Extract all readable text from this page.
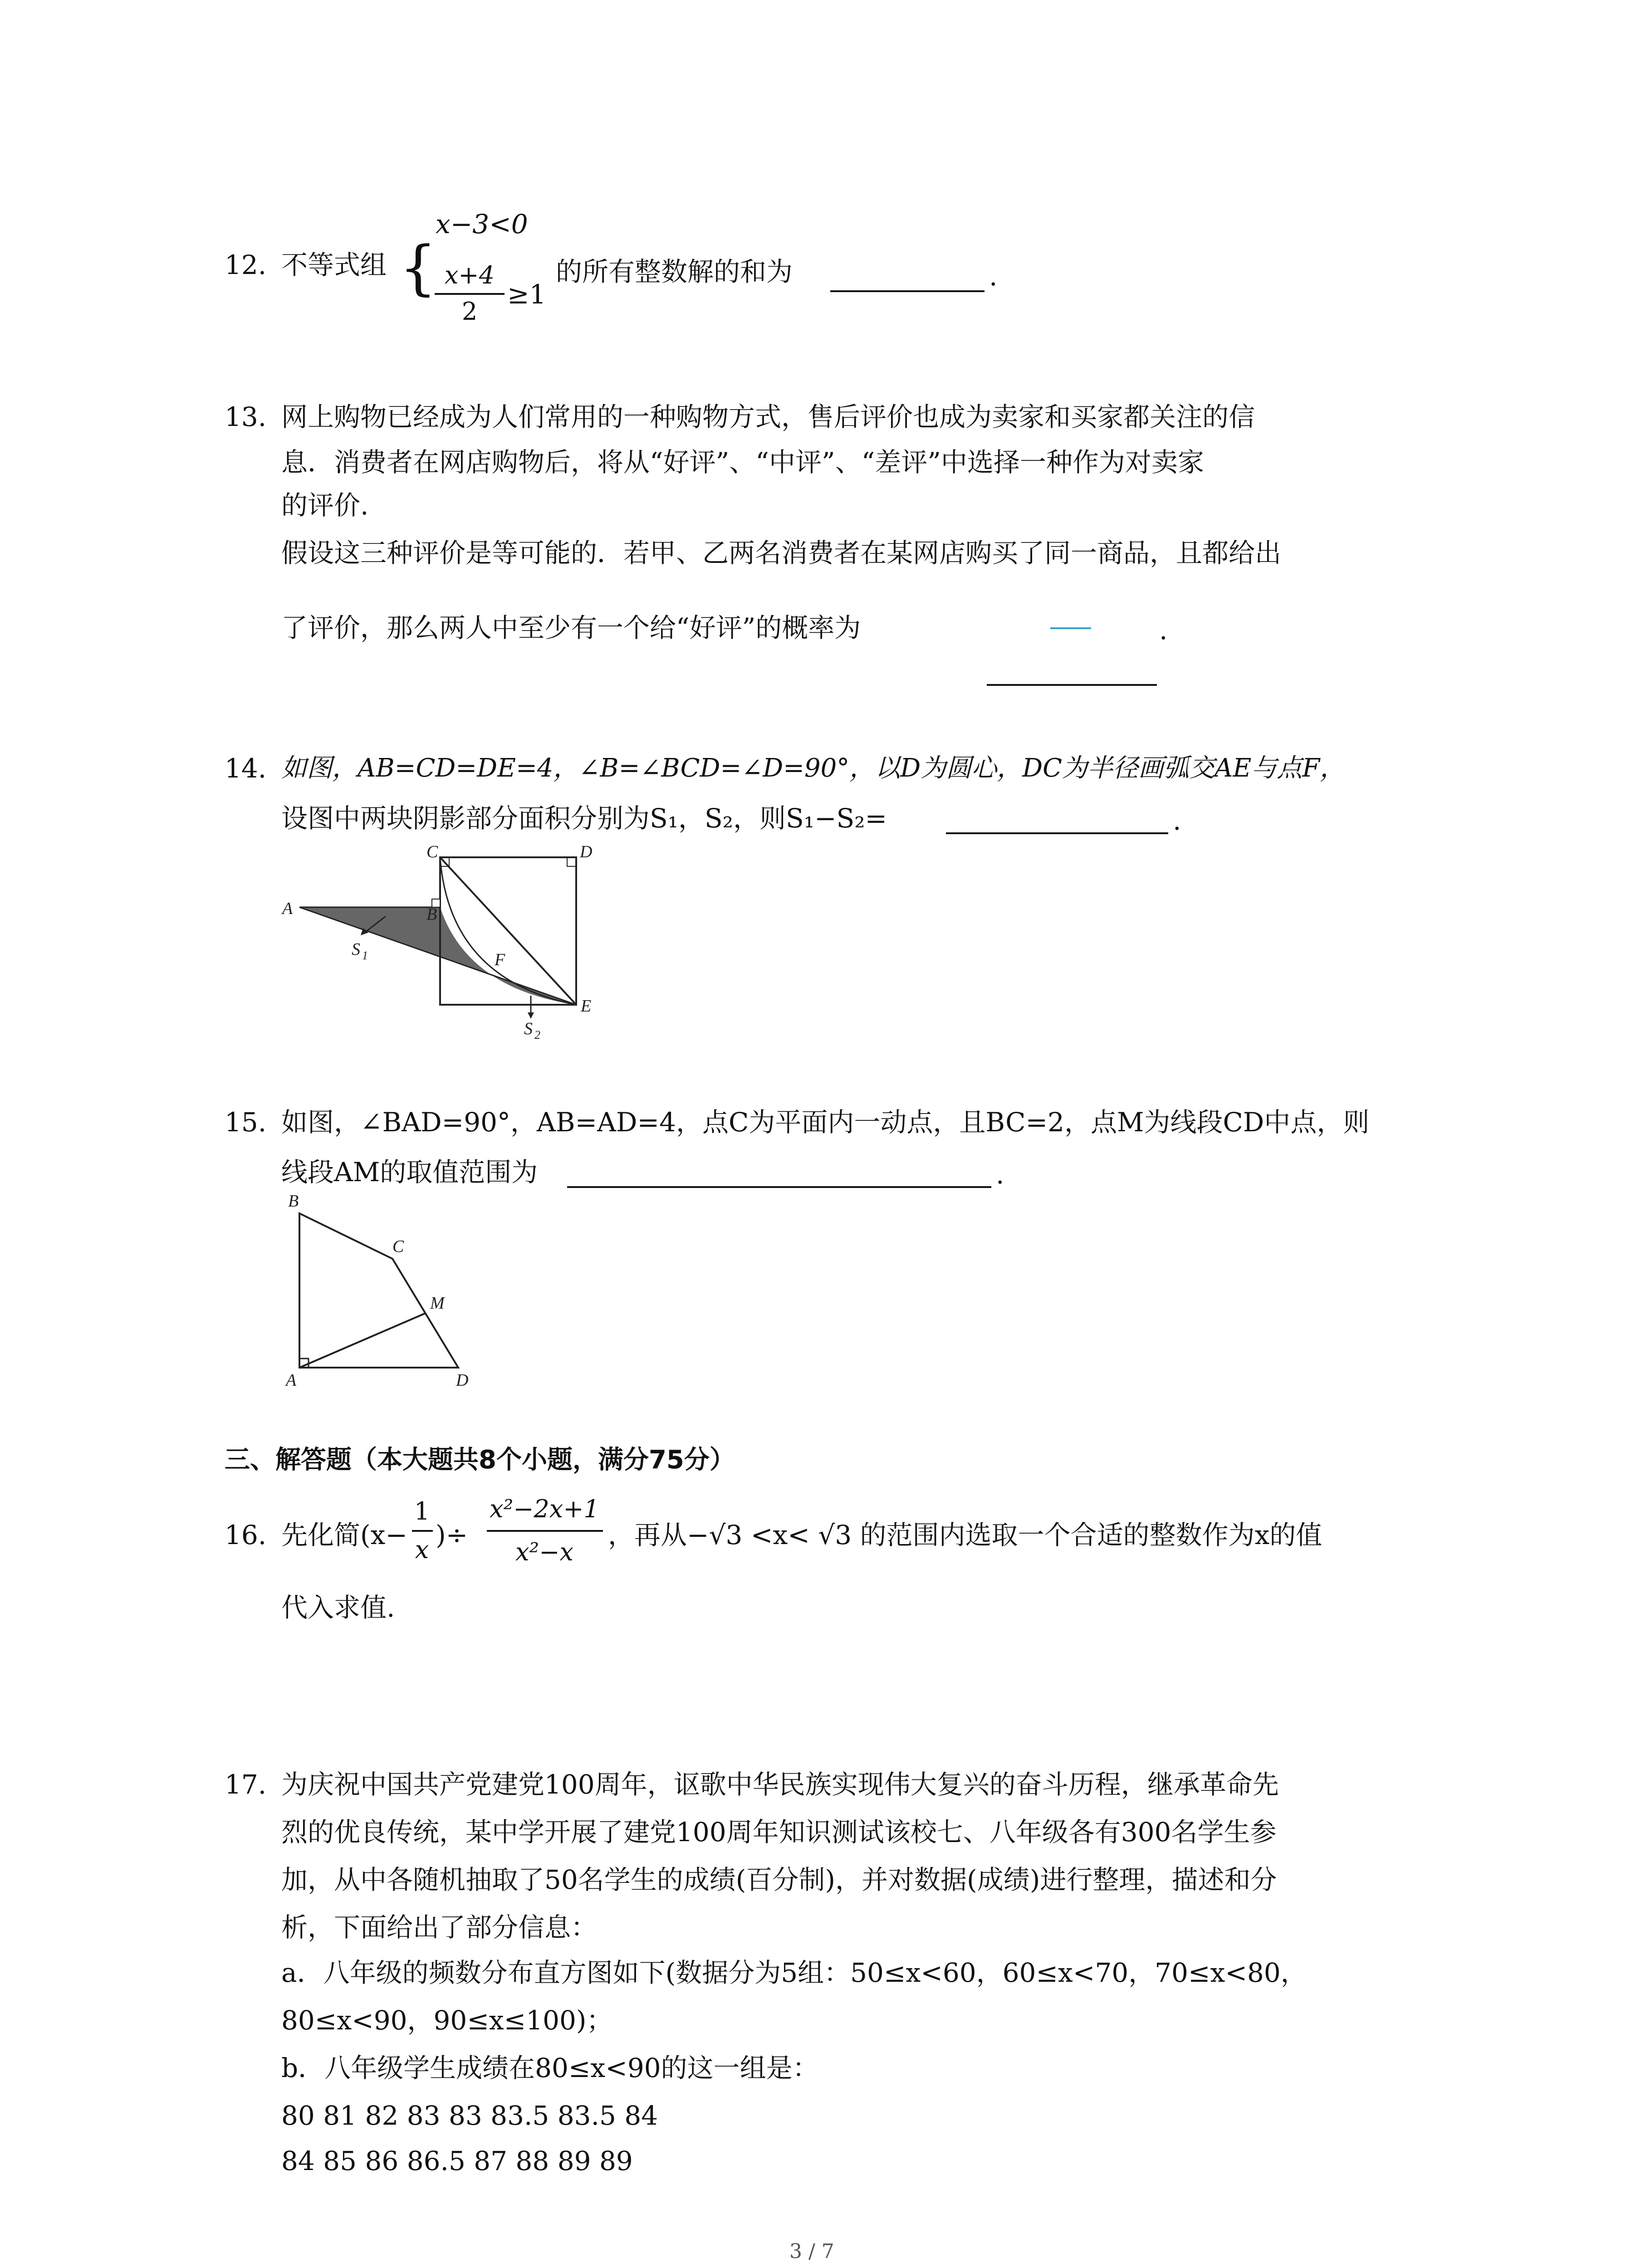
12. 不等式组 {
x−3<0
x+4
2
≥1
的所有整数解的和为	.
13. 网上购物已经成为人们常用的一种购物方式，售后评价也成为卖家和买家都关注的信
息．消费者在网店购物后，将从“好评”、“中评”、“差评”中选择一种作为对卖家
的评价.
假设这三种评价是等可能的．若甲、乙两名消费者在某网店购买了同一商品，且都给出
了评价，那么两人中至少有一个给“好评”的概率为	.
14. 如图，AB=CD=DE=4，∠B=∠BCD=∠D=90°，以D为圆心，DC为半径画弧交AE与点F，
设图中两块阴影部分面积分别为S₁，S₂，则S₁−S₂=	.
A
C	D
B
F
E
S 1
S 2
15. 如图，∠BAD=90°，AB=AD=4，点C为平面内一动点，且BC=2，点M为线段CD中点，则
线段AM的取值范围为	.
B
C
M
A	D
三、解答题（本大题共8个小题，满分75分）
16. 先化简(x−
1
x )÷
x²−2x+1
x²−x
，再从−√3 <x< √3 的范围内选取一个合适的整数作为x的值
代入求值.
17. 为庆祝中国共产党建党100周年，讴歌中华民族实现伟大复兴的奋斗历程，继承革命先
烈的优良传统，某中学开展了建党100周年知识测试该校七、八年级各有300名学生参
加，从中各随机抽取了50名学生的成绩(百分制)，并对数据(成绩)进行整理，描述和分
析，下面给出了部分信息：
a．八年级的频数分布直方图如下(数据分为5组：50≤x<60，60≤x<70，70≤x<80，
80≤x<90，90≤x≤100)；
b．八年级学生成绩在80≤x<90的这一组是：
80 81 82 83 83 83.5 83.5 84
84 85 86 86.5 87 88 89 89
3 / 7
